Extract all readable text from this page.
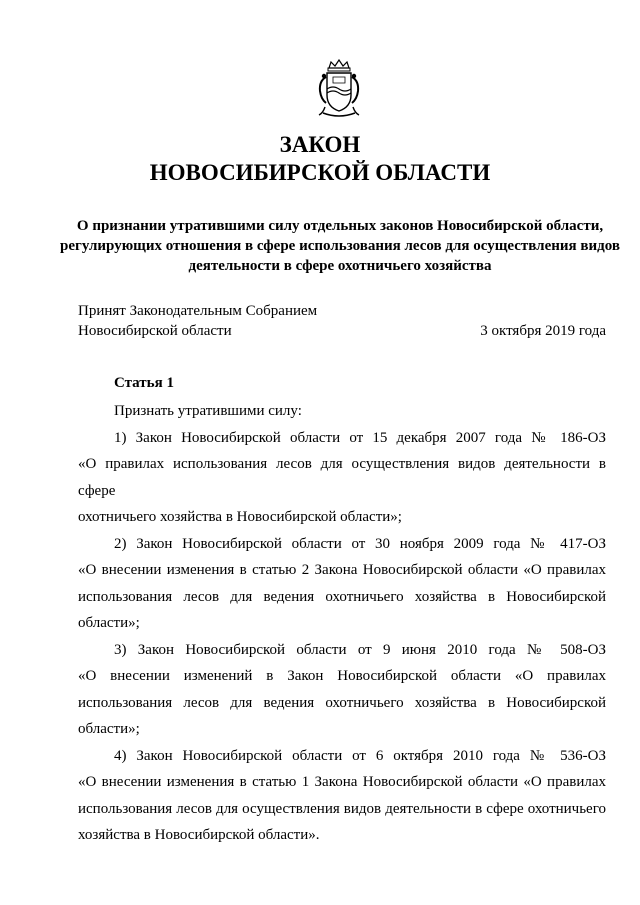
ЗАКОН
НОВОСИБИРСКОЙ ОБЛАСТИ
О признании утратившими силу отдельных законов Новосибирской области, регулирующих отношения в сфере использования лесов для осуществления видов деятельности в сфере охотничьего хозяйства
Принят Законодательным Собранием
Новосибирской области	3 октября 2019 года
Статья 1

Признать утратившими силу:

1) Закон Новосибирской области от 15 декабря 2007 года № 186-ОЗ
«О правилах использования лесов для осуществления видов деятельности в сфере
охотничьего хозяйства в Новосибирской области»;

2) Закон Новосибирской области от 30 ноября 2009 года № 417-ОЗ
«О внесении изменения в статью 2 Закона Новосибирской области «О правилах
использования лесов для ведения охотничьего хозяйства в Новосибирской
области»;

3) Закон Новосибирской области от 9 июня 2010 года № 508-ОЗ
«О внесении изменений в Закон Новосибирской области «О правилах
использования лесов для ведения охотничьего хозяйства в Новосибирской
области»;

4) Закон Новосибирской области от 6 октября 2010 года № 536-ОЗ
«О внесении изменения в статью 1 Закона Новосибирской области «О правилах
использования лесов для осуществления видов деятельности в сфере охотничьего
хозяйства в Новосибирской области».
